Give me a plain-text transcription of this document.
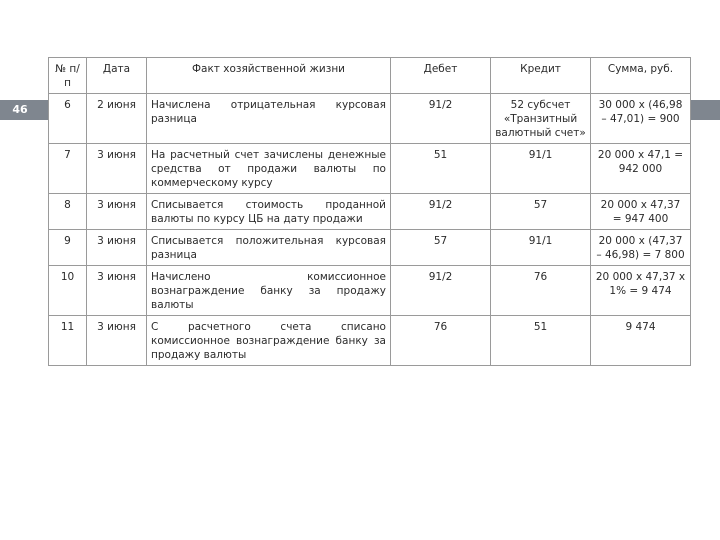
46
№ п/п	Дата	Факт хозяйственной жизни	Дебет	Кредит	Сумма, руб.
6	2 июня	Начислена отрицательная курсовая разница	91/2	52 субсчет «Транзитный валютный счет»	30 000 х (46,98 – 47,01) = 900
7	3 июня	На расчетный счет зачислены денежные средства от продажи валюты по коммерческому курсу	51	91/1	20 000 х 47,1 = 942 000
8	3 июня	Списывается стоимость проданной валюты по курсу ЦБ на дату продажи	91/2	57	20 000 х 47,37 = 947 400
9	3 июня	Списывается положительная курсовая разница	57	91/1	20 000 х (47,37 – 46,98) = 7 800
10	3 июня	Начислено комиссионное вознаграждение банку за продажу валюты	91/2	76	20 000 х 47,37 х 1% = 9 474
11	3 июня	С расчетного счета списано комиссионное вознаграждение банку за продажу валюты	76	51	9 474
